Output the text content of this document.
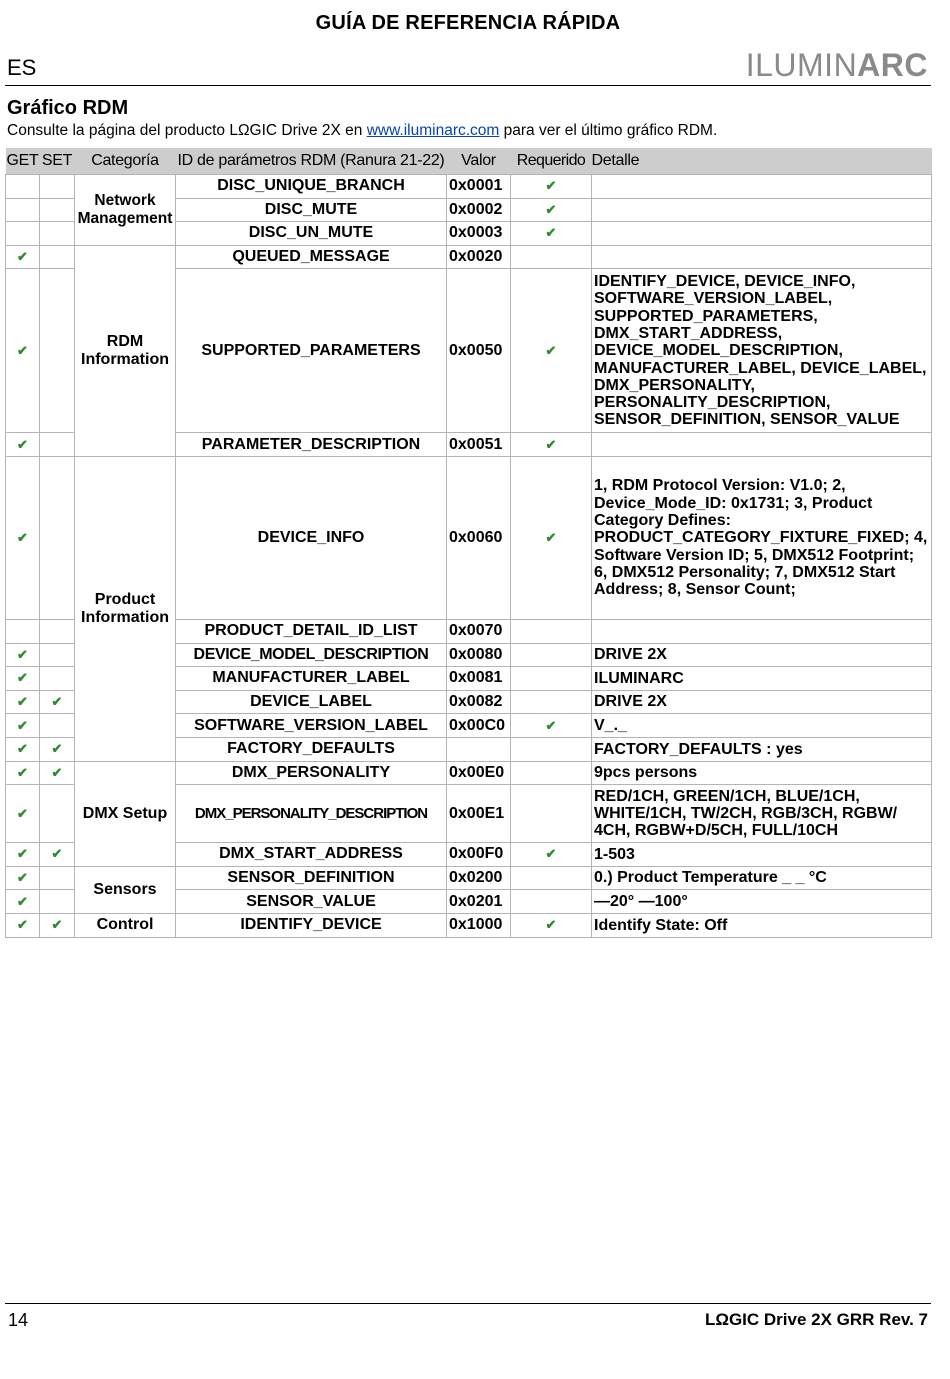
GUÍA DE REFERENCIA RÁPIDA
ES	ILUMINARC
Gráfico RDM
Consulte la página del producto LΩGIC Drive 2X en www.iluminarc.com para ver el último gráfico RDM.
GET	SET	Categoría	ID de parámetros RDM (Ranura 21-22)	Valor	Requerido	Detalle
		Network Management	DISC_UNIQUE_BRANCH	0x0001	✔	
			DISC_MUTE	0x0002	✔	
			DISC_UN_MUTE	0x0003	✔	
✔		RDM Information	QUEUED_MESSAGE	0x0020		
✔			SUPPORTED_PARAMETERS	0x0050	✔	IDENTIFY_DEVICE, DEVICE_INFO, SOFTWARE_VERSION_LABEL, SUPPORTED_PARAMETERS, DMX_START_ADDRESS, DEVICE_MODEL_DESCRIPTION, MANUFACTURER_LABEL, DEVICE_LABEL, DMX_PERSONALITY, PERSONALITY_DESCRIPTION, SENSOR_DEFINITION, SENSOR_VALUE
✔			PARAMETER_DESCRIPTION	0x0051	✔	
✔		Product Information	DEVICE_INFO	0x0060	✔	1, RDM Protocol Version: V1.0; 2, Device_Mode_ID: 0x1731; 3, Product Category Defines: PRODUCT_CATEGORY_FIXTURE_FIXED; 4, Software Version ID; 5, DMX512 Footprint; 6, DMX512 Personality; 7, DMX512 Start Address; 8, Sensor Count;
			PRODUCT_DETAIL_ID_LIST	0x0070		
✔			DEVICE_MODEL_DESCRIPTION	0x0080		DRIVE 2X
✔			MANUFACTURER_LABEL	0x0081		ILUMINARC
✔	✔		DEVICE_LABEL	0x0082		DRIVE 2X
✔			SOFTWARE_VERSION_LABEL	0x00C0	✔	V_._
✔	✔		FACTORY_DEFAULTS			FACTORY_DEFAULTS : yes
✔	✔	DMX Setup	DMX_PERSONALITY	0x00E0		9pcs persons
✔			DMX_PERSONALITY_DESCRIPTION	0x00E1		RED/1CH, GREEN/1CH, BLUE/1CH, WHITE/1CH, TW/2CH, RGB/3CH, RGBW/ 4CH, RGBW+D/5CH, FULL/10CH
✔	✔		DMX_START_ADDRESS	0x00F0	✔	1-503
✔		Sensors	SENSOR_DEFINITION	0x0200		0.) Product Temperature _ _ °C
✔			SENSOR_VALUE	0x0201		—20° —100°
✔	✔	Control	IDENTIFY_DEVICE	0x1000	✔	Identify State: Off
14	LΩGIC Drive 2X GRR Rev. 7
